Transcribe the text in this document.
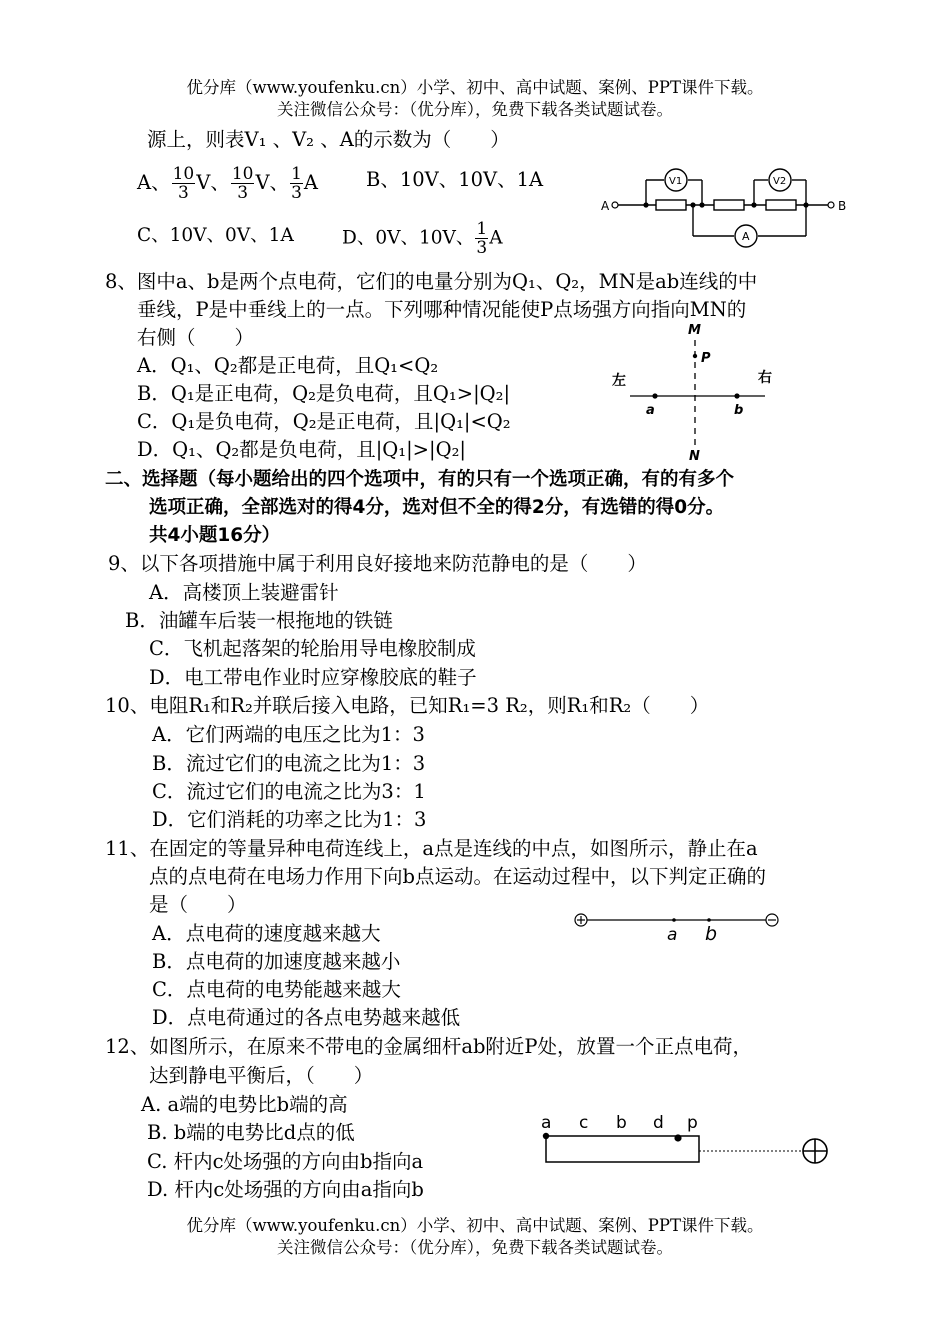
优分库（www.youfenku.cn）小学、初中、高中试题、案例、PPT课件下载。
关注微信公众号：（优分库），免费下载各类试题试卷。
源上，则表V₁ 、V₂ 、A的示数为（　　）
A、 $\frac{10}{3}$ V、 $\frac{10}{3}$ V、 $\frac{1}{3}$ A B、10V、10V、1A
C、10V、0V、1A	D、0V、10V、 $\frac{1}{3}$ A
A	B
V1	V2
A
8、图中a、b是两个点电荷，它们的电量分别为Q₁、Q₂，MN是ab连线的中
垂线，P是中垂线上的一点。下列哪种情况能使P点场强方向指向MN的
右侧（　　）
A．Q₁、Q₂都是正电荷，且Q₁<Q₂
B．Q₁是正电荷，Q₂是负电荷，且Q₁>|Q₂|
C．Q₁是负电荷，Q₂是正电荷，且|Q₁|<Q₂
D．Q₁、Q₂都是负电荷，且|Q₁|>|Q₂|
M
P
N
左	右
a	b
二、选择题（每小题给出的四个选项中，有的只有一个选项正确，有的有多个
选项正确，全部选对的得4分，选对但不全的得2分，有选错的得0分。
共4小题16分）
9、以下各项措施中属于利用良好接地来防范静电的是（　　）
A．高楼顶上装避雷针
B．油罐车后装一根拖地的铁链
C．飞机起落架的轮胎用导电橡胶制成
D．电工带电作业时应穿橡胶底的鞋子
10、电阻R₁和R₂并联后接入电路，已知R₁=3 R₂，则R₁和R₂（　　）
A．它们两端的电压之比为1：3
B．流过它们的电流之比为1：3
C．流过它们的电流之比为3：1
D．它们消耗的功率之比为1：3
11、在固定的等量异种电荷连线上，a点是连线的中点，如图所示，静止在a
点的点电荷在电场力作用下向b点运动。在运动过程中，以下判定正确的
是（　　）
A．点电荷的速度越来越大
B．点电荷的加速度越来越小
C．点电荷的电势能越来越大
D．点电荷通过的各点电势越来越低
a b
12、如图所示，在原来不带电的金属细杆ab附近P处，放置一个正点电荷，
达到静电平衡后，（　　）
A. a端的电势比b端的高
B. b端的电势比d点的低
C. 杆内c处场强的方向由b指向a
D. 杆内c处场强的方向由a指向b
a c b d p
优分库（www.youfenku.cn）小学、初中、高中试题、案例、PPT课件下载。
关注微信公众号：（优分库），免费下载各类试题试卷。
